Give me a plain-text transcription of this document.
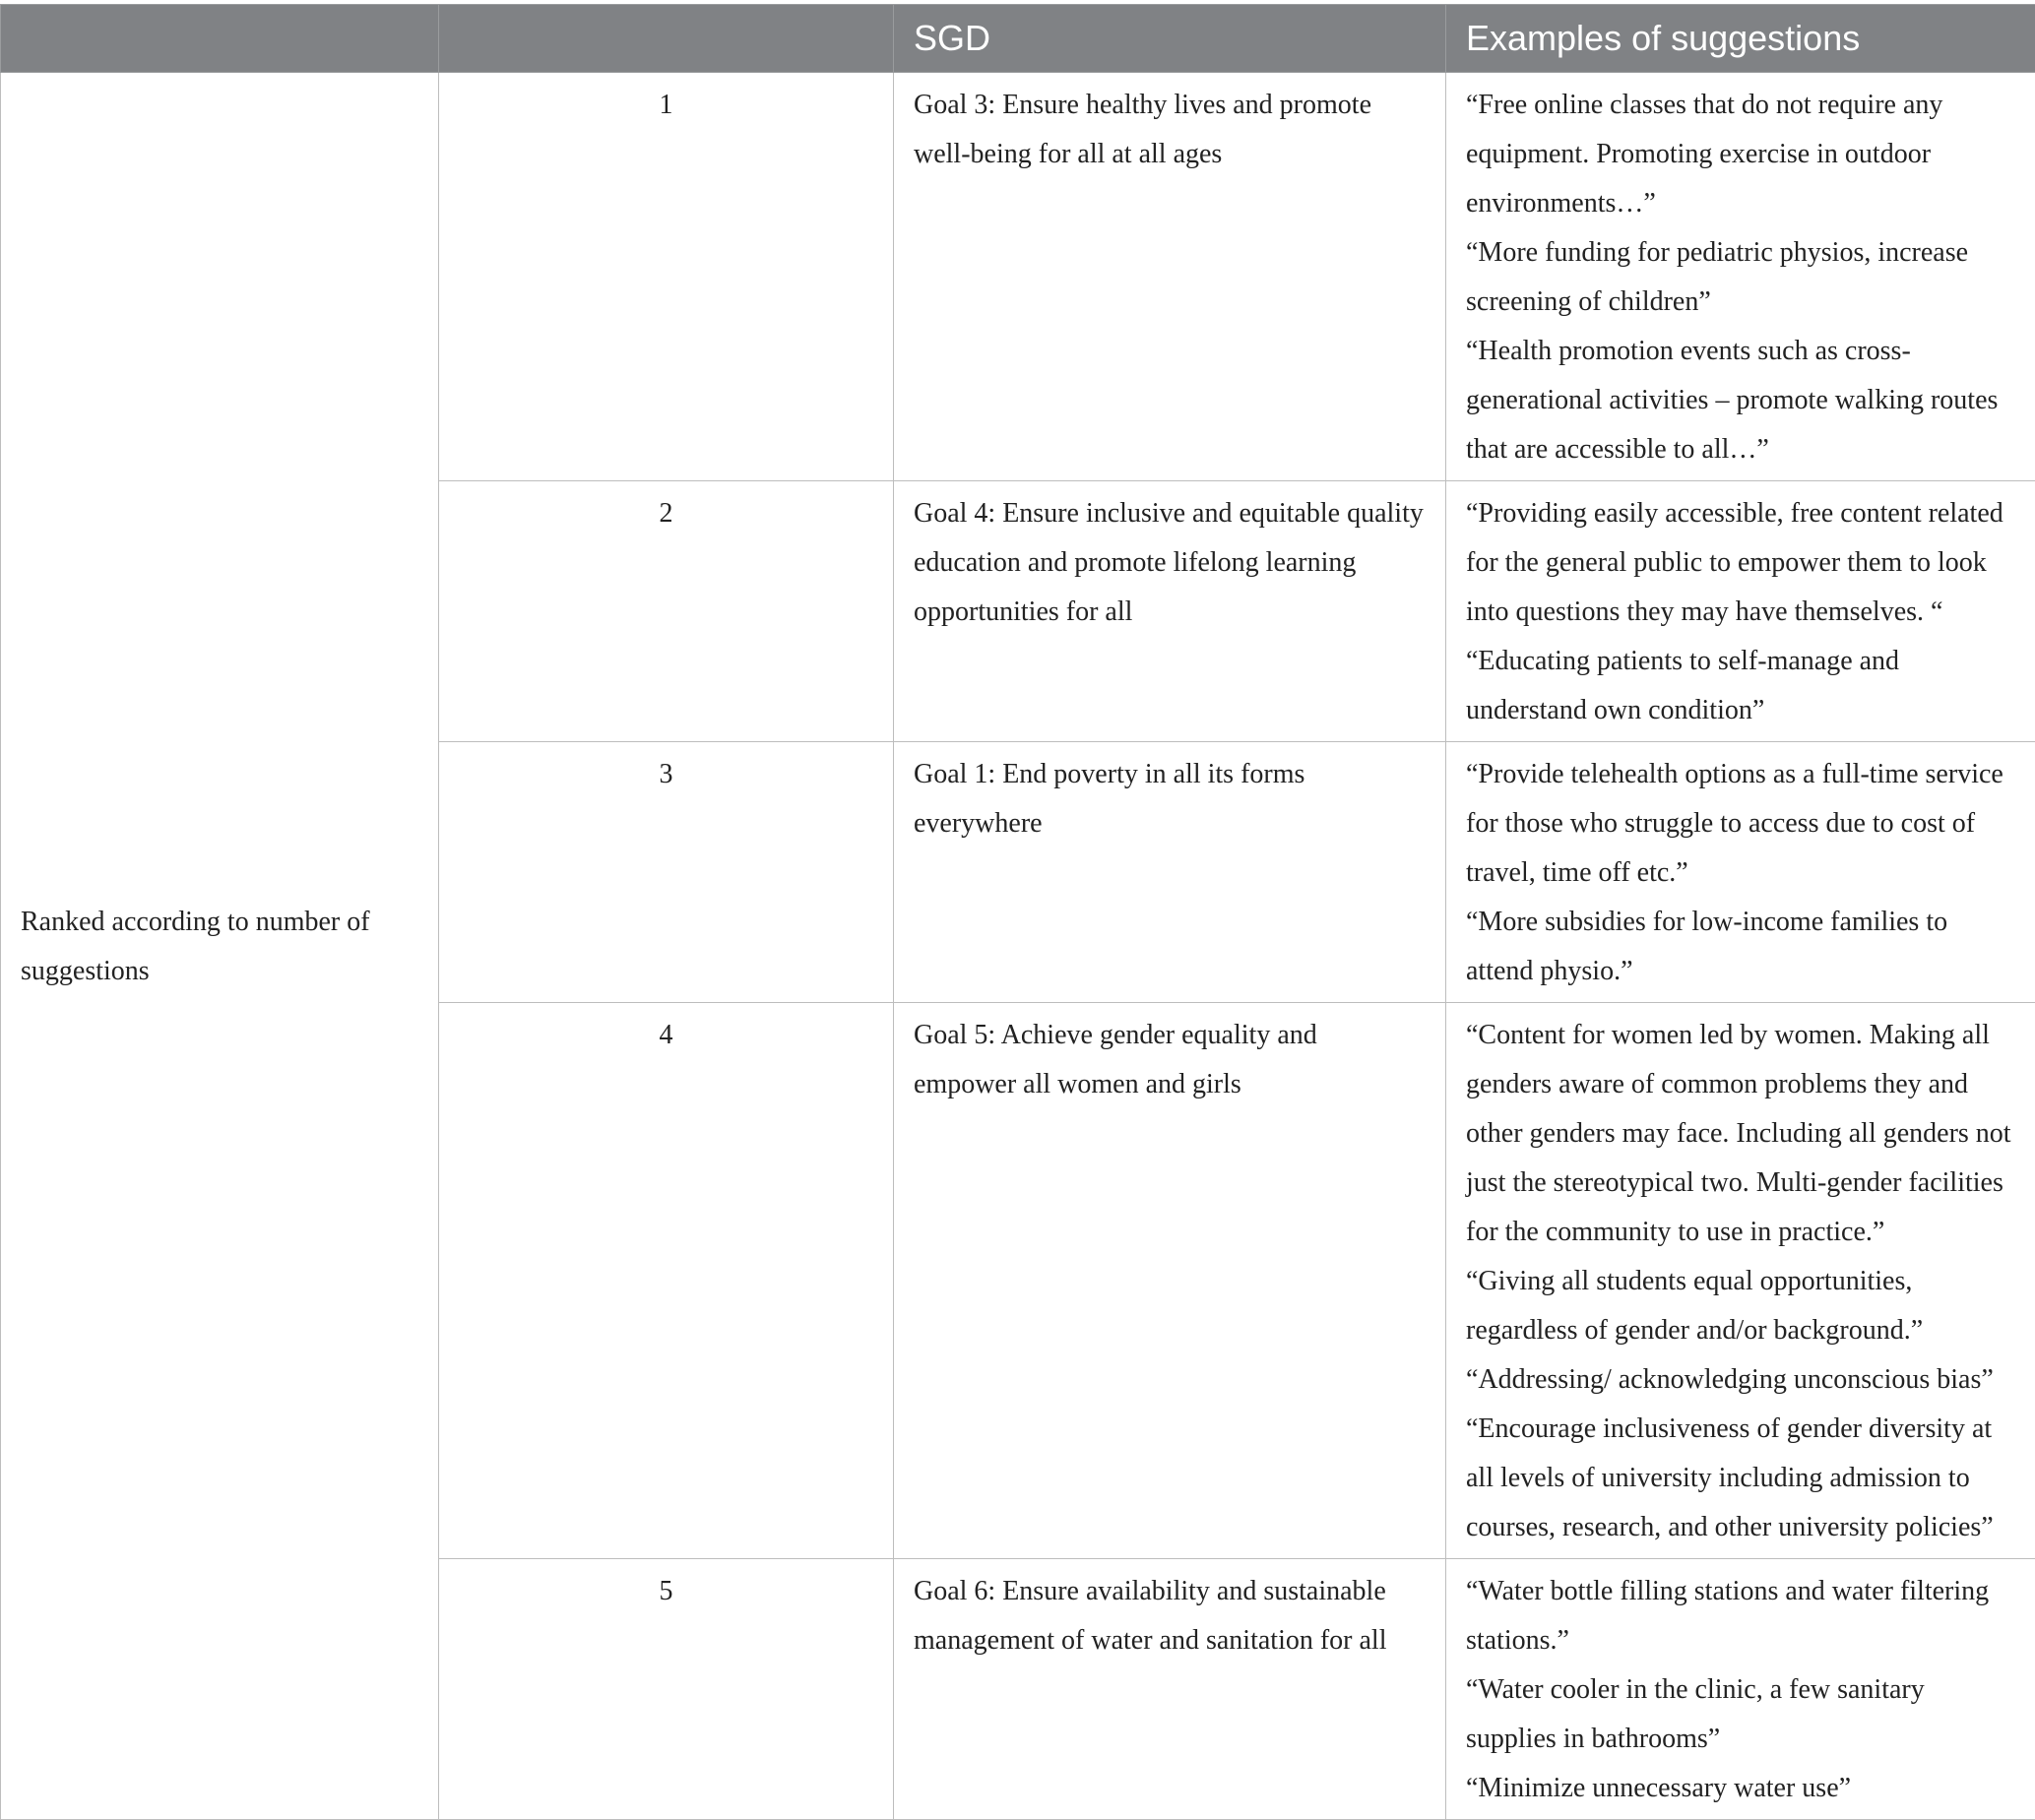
		SGD	Examples of suggestions
Ranked according to number of suggestions	1	Goal 3: Ensure healthy lives and promote well-being for all at all ages	“Free online classes that do not require any equipment. Promoting exercise in outdoor environments…”
“More funding for pediatric physios, increase screening of children”
“Health promotion events such as cross-generational activities – promote walking routes that are accessible to all…”

	2	Goal 4: Ensure inclusive and equitable quality education and promote lifelong learning opportunities for all	“Providing easily accessible, free content related for the general public to empower them to look into questions they may have themselves. “
“Educating patients to self-manage and understand own condition”

	3	Goal 1: End poverty in all its forms everywhere	“Provide telehealth options as a full-time service for those who struggle to access due to cost of travel, time off etc.”
“More subsidies for low-income families to attend physio.”

	4	Goal 5: Achieve gender equality and empower all women and girls	“Content for women led by women. Making all genders aware of common problems they and other genders may face. Including all genders not just the stereotypical two. Multi-gender facilities for the community to use in practice.”
“Giving all students equal opportunities, regardless of gender and/or background.”
“Addressing/ acknowledging unconscious bias”
“Encourage inclusiveness of gender diversity at all levels of university including admission to courses, research, and other university policies”

	5	Goal 6: Ensure availability and sustainable management of water and sanitation for all	“Water bottle filling stations and water filtering stations.”
“Water cooler in the clinic, a few sanitary supplies in bathrooms”
“Minimize unnecessary water use”
